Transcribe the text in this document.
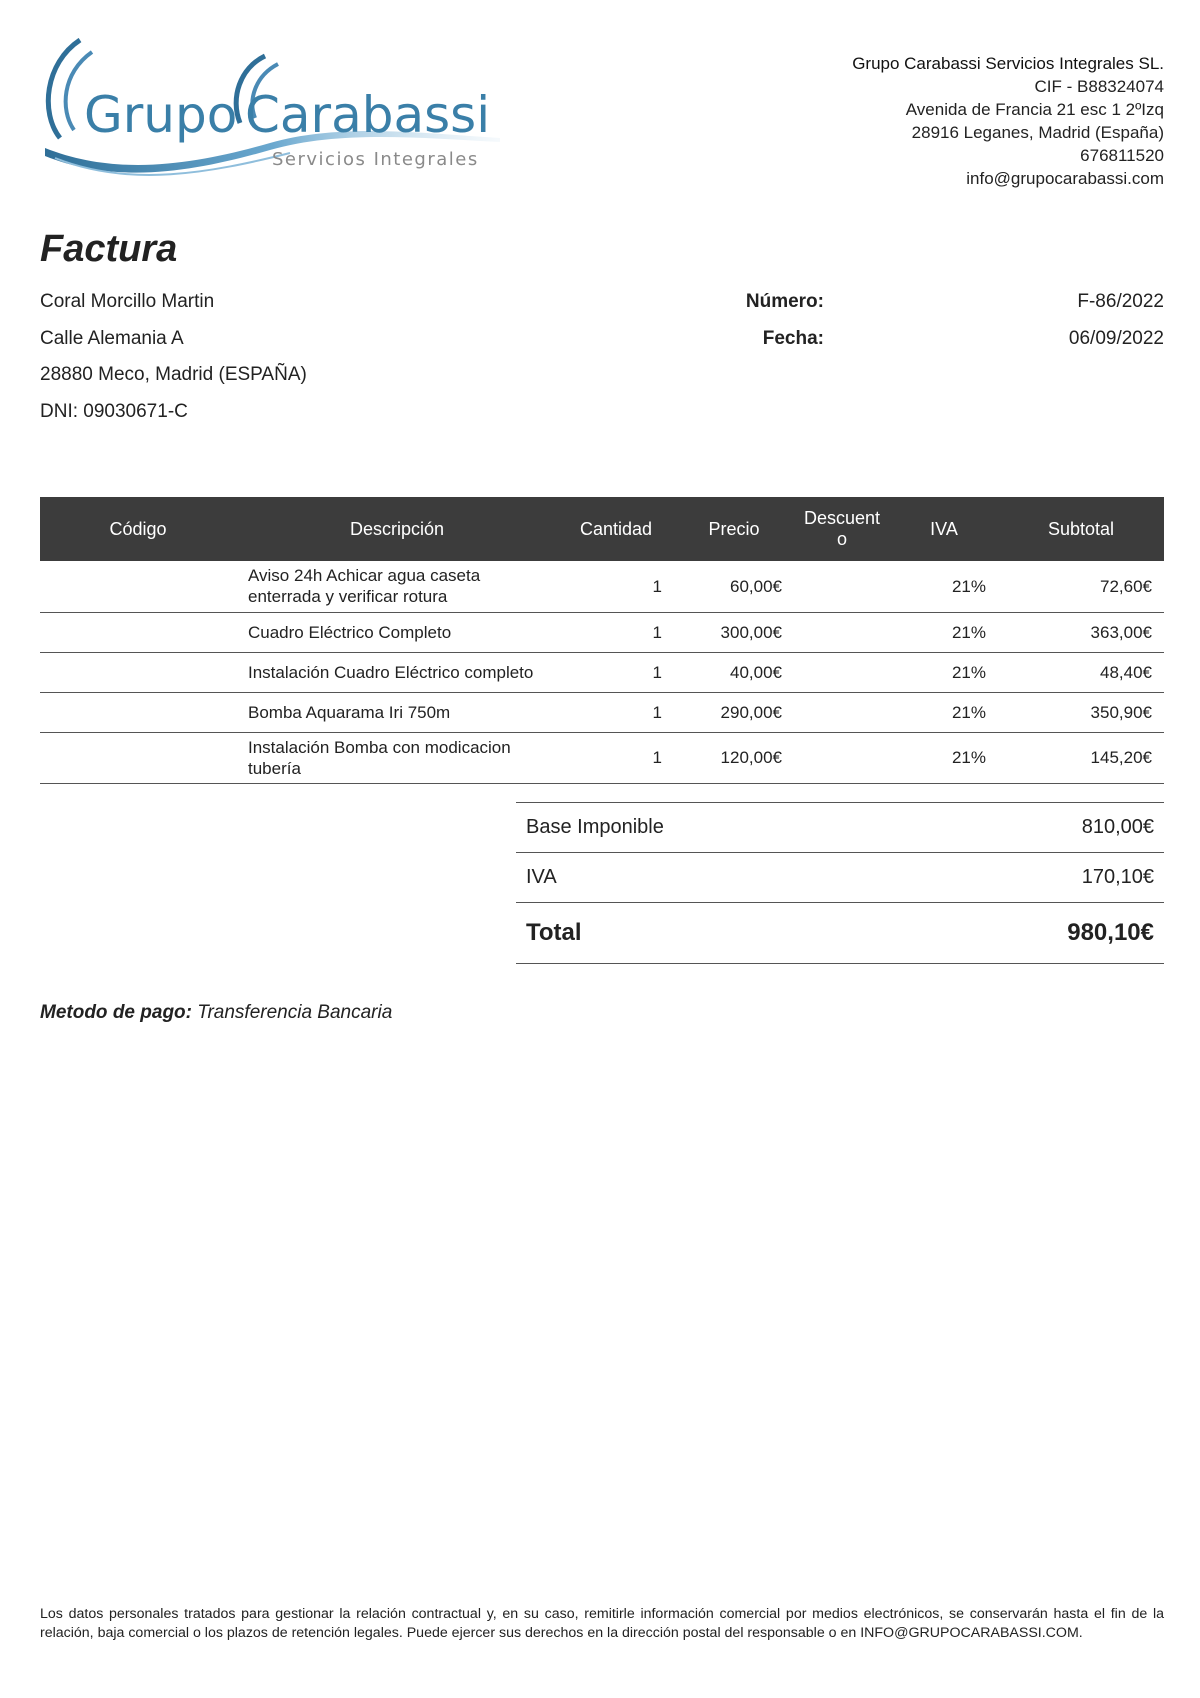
Grupo Carabassi
Servicios Integrales
Grupo Carabassi Servicios Integrales SL.
CIF - B88324074
Avenida de Francia 21 esc 1 2ºIzq
28916 Leganes, Madrid (España)
676811520
info@grupocarabassi.com
Factura
Coral Morcillo Martin
Calle Alemania A
28880 Meco, Madrid (ESPAÑA)
DNI: 09030671-C
Número:	F-86/2022
Fecha:	06/09/2022
Código	Descripción	Cantidad	Precio	Descuent o	IVA	Subtotal
	Aviso 24h Achicar agua caseta enterrada y verificar rotura	1	60,00€		21%	72,60€
	Cuadro Eléctrico Completo	1	300,00€		21%	363,00€
	Instalación Cuadro Eléctrico completo	1	40,00€		21%	48,40€
	Bomba Aquarama Iri 750m	1	290,00€		21%	350,90€
	Instalación Bomba con modicacion tubería	1	120,00€		21%	145,20€
Base Imponible	810,00€
IVA	170,10€
Total	980,10€
Metodo de pago: Transferencia Bancaria
Los datos personales tratados para gestionar la relación contractual y, en su caso, remitirle información comercial por medios electrónicos, se conservarán hasta el fin de la relación, baja comercial o los plazos de retención legales. Puede ejercer sus derechos en la dirección postal del responsable o en INFO@GRUPOCARABASSI.COM.
